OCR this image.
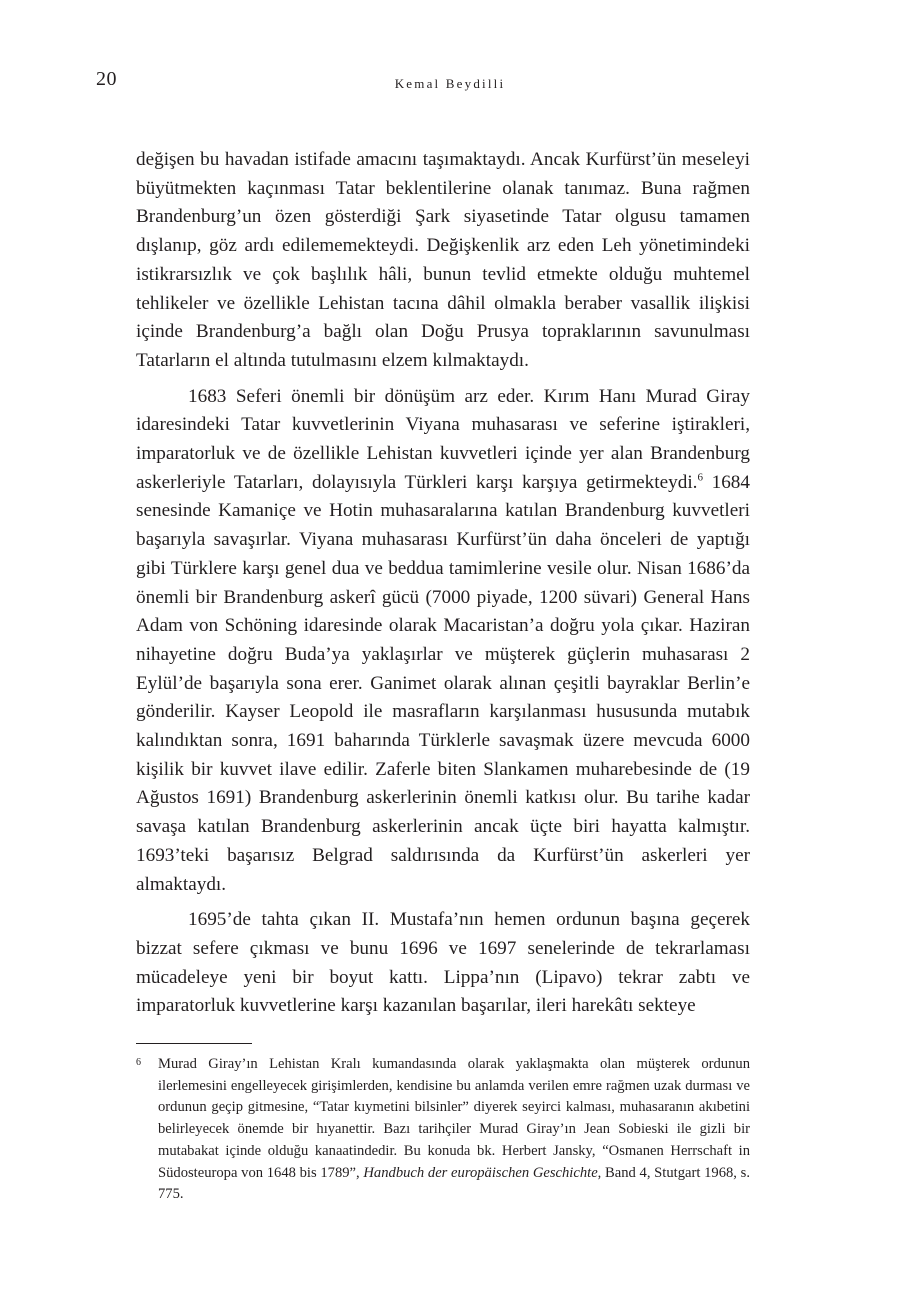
20	Kemal Beydilli

değişen bu havadan istifade amacını taşımaktaydı. Ancak Kurfürst’ün meseleyi büyütmekten kaçınması Tatar beklentilerine olanak tanımaz. Buna rağmen Brandenburg’un özen gösterdiği Şark siyasetinde Tatar olgusu tamamen dışlanıp, göz ardı edilememekteydi. Değişkenlik arz eden Leh yönetimindeki istikrarsızlık ve çok başlılık hâli, bunun tevlid etmekte olduğu muhtemel tehlikeler ve özellikle Lehistan tacına dâhil olmakla beraber vasallik ilişkisi içinde Brandenburg’a bağlı olan Doğu Prusya topraklarının savunulması Tatarların el altında tutulmasını elzem kılmaktaydı.

1683 Seferi önemli bir dönüşüm arz eder. Kırım Hanı Murad Giray idaresindeki Tatar kuvvetlerinin Viyana muhasarası ve seferine iştirakleri, imparatorluk ve de özellikle Lehistan kuvvetleri içinde yer alan Brandenburg askerleriyle Tatarları, dolayısıyla Türkleri karşı karşıya getirmekteydi.$^6$ 1684 senesinde Kamaniçe ve Hotin muhasaralarına katılan Brandenburg kuvvetleri başarıyla savaşırlar. Viyana muhasarası Kurfürst’ün daha önceleri de yaptığı gibi Türklere karşı genel dua ve beddua tamimlerine vesile olur. Nisan 1686’da önemli bir Brandenburg askerî gücü (7000 piyade, 1200 süvari) General Hans Adam von Schöning idaresinde olarak Macaristan’a doğru yola çıkar. Haziran nihayetine doğru Buda’ya yaklaşırlar ve müşterek güçlerin muhasarası 2 Eylül’de başarıyla sona erer. Ganimet olarak alınan çeşitli bayraklar Berlin’e gönderilir. Kayser Leopold ile masrafların karşılanması hususunda mutabık kalındıktan sonra, 1691 baharında Türklerle savaşmak üzere mevcuda 6000 kişilik bir kuvvet ilave edilir. Zaferle biten Slankamen muharebesinde de (19 Ağustos 1691) Brandenburg askerlerinin önemli katkısı olur. Bu tarihe kadar savaşa katılan Brandenburg askerlerinin ancak üçte biri hayatta kalmıştır. 1693’teki başarısız Belgrad saldırısında da Kurfürst’ün askerleri yer almaktaydı.

1695’de tahta çıkan II. Mustafa’nın hemen ordunun başına geçerek bizzat sefere çıkması ve bunu 1696 ve 1697 senelerinde de tekrarlaması mücadeleye yeni bir boyut kattı. Lippa’nın (Lipavo) tekrar zabtı ve imparatorluk kuvvetlerine karşı kazanılan başarılar, ileri harekâtı sekteye

6 Murad Giray’ın Lehistan Kralı kumandasında olarak yaklaşmakta olan müşterek ordunun ilerlemesini engelleyecek girişimlerden, kendisine bu anlamda verilen emre rağmen uzak durması ve ordunun geçip gitmesine, “Tatar kıymetini bilsinler” diyerek seyirci kalması, muhasaranın akıbetini belirleyecek önemde bir hıyanettir. Bazı tarihçiler Murad Giray’ın Jean Sobieski ile gizli bir mutabakat içinde olduğu kanaatindedir. Bu konuda bk. Herbert Jansky, “Osmanen Herrschaft in Südosteuropa von 1648 bis 1789”, Handbuch der europäischen Geschichte, Band 4, Stutgart 1968, s. 775.
